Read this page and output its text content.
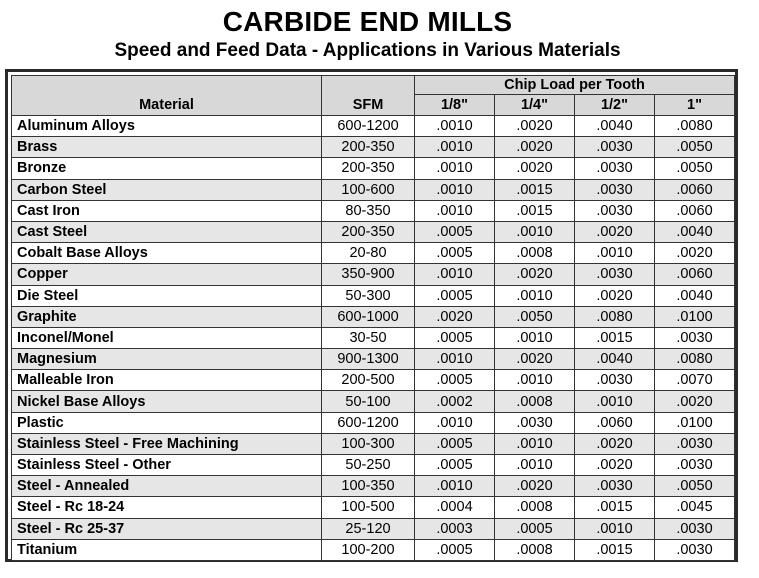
CARBIDE END MILLS
Speed and Feed Data - Applications in Various Materials
Material	SFM	Chip Load per Tooth			
		1/8"	1/4"	1/2"	1"
Aluminum Alloys	600-1200	.0010	.0020	.0040	.0080
Brass	200-350	.0010	.0020	.0030	.0050
Bronze	200-350	.0010	.0020	.0030	.0050
Carbon Steel	100-600	.0010	.0015	.0030	.0060
Cast Iron	80-350	.0010	.0015	.0030	.0060
Cast Steel	200-350	.0005	.0010	.0020	.0040
Cobalt Base Alloys	20-80	.0005	.0008	.0010	.0020
Copper	350-900	.0010	.0020	.0030	.0060
Die Steel	50-300	.0005	.0010	.0020	.0040
Graphite	600-1000	.0020	.0050	.0080	.0100
Inconel/Monel	30-50	.0005	.0010	.0015	.0030
Magnesium	900-1300	.0010	.0020	.0040	.0080
Malleable Iron	200-500	.0005	.0010	.0030	.0070
Nickel Base Alloys	50-100	.0002	.0008	.0010	.0020
Plastic	600-1200	.0010	.0030	.0060	.0100
Stainless Steel - Free Machining	100-300	.0005	.0010	.0020	.0030
Stainless Steel - Other	50-250	.0005	.0010	.0020	.0030
Steel - Annealed	100-350	.0010	.0020	.0030	.0050
Steel - Rc 18-24	100-500	.0004	.0008	.0015	.0045
Steel - Rc 25-37	25-120	.0003	.0005	.0010	.0030
Titanium	100-200	.0005	.0008	.0015	.0030
